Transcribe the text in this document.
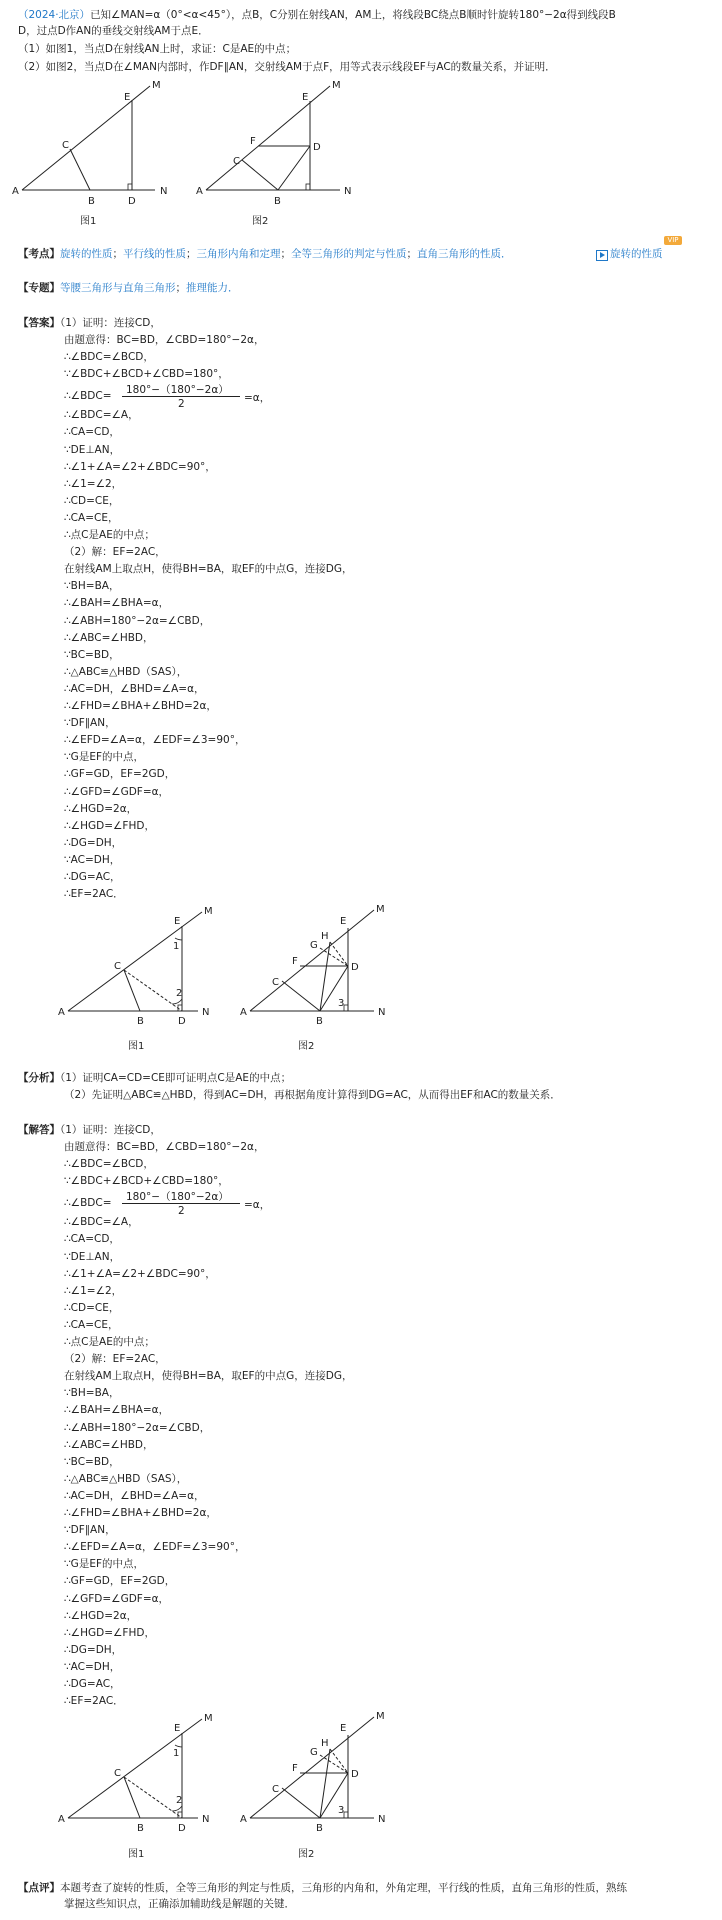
（2024·北京）已知∠MAN=α（0°<α<45°），点B，C分别在射线AN，AM上，将线段BC绕点B顺时针旋转180°−2α得到线段B
D，过点D作AN的垂线交射线AM于点E．
（1）如图1，当点D在射线AN上时，求证：C是AE的中点；
（2）如图2，当点D在∠MAN内部时，作DF∥AN，交射线AM于点F，用等式表示线段EF与AC的数量关系，并证明．
A
B
C
D
E
M
N	A
B
C
D
E
F
M
N
图1	图2
【考点】旋转的性质；平行线的性质；三角形内角和定理；全等三角形的判定与性质；直角三角形的性质．	旋转的性质
VIP
【专题】等腰三角形与直角三角形；推理能力．
【答案】（1）证明：连接CD，
由题意得：BC=BD，∠CBD=180°−2α，
∴∠BDC=∠BCD，
∵∠BDC+∠BCD+∠CBD=180°，
∴∠BDC= 180°−（180°−2α）
2	=α，
∴∠BDC=∠A，
∴CA=CD，
∵DE⊥AN，
∴∠1+∠A=∠2+∠BDC=90°，
∴∠1=∠2，
∴CD=CE，
∴CA=CE，
∴点C是AE的中点；
（2）解：EF=2AC，
在射线AM上取点H，使得BH=BA，取EF的中点G，连接DG，
∵BH=BA，
∴∠BAH=∠BHA=α，
∴∠ABH=180°−2α=∠CBD，
∴∠ABC=∠HBD，
∵BC=BD，
∴△ABC≌△HBD（SAS），
∴AC=DH，∠BHD=∠A=α，
∴∠FHD=∠BHA+∠BHD=2α，
∵DF∥AN，
∴∠EFD=∠A=α，∠EDF=∠3=90°，
∵G是EF的中点，
∴GF=GD，EF=2GD，
∴∠GFD=∠GDF=α，
∴∠HGD=2α，
∴∠HGD=∠FHD，
∴DG=DH，
∵AC=DH，
∴DG=AC，
∴EF=2AC．
A
B
C
D
E
M
N
1
2
A
B
C
D
E
F
G
H
M
N
3
图1	图2
【分析】（1）证明CA=CD=CE即可证明点C是AE的中点；
（2）先证明△ABC≌△HBD，得到AC=DH，再根据角度计算得到DG=AC，从而得出EF和AC的数量关系．
【解答】（1）证明：连接CD，
由题意得：BC=BD，∠CBD=180°−2α，
∴∠BDC=∠BCD，
∵∠BDC+∠BCD+∠CBD=180°，
∴∠BDC= 180°−（180°−2α）
2	=α，
∴∠BDC=∠A，
∴CA=CD，
∵DE⊥AN，
∴∠1+∠A=∠2+∠BDC=90°，
∴∠1=∠2，
∴CD=CE，
∴CA=CE，
∴点C是AE的中点；
（2）解：EF=2AC，
在射线AM上取点H，使得BH=BA，取EF的中点G，连接DG，
∵BH=BA，
∴∠BAH=∠BHA=α，
∴∠ABH=180°−2α=∠CBD，
∴∠ABC=∠HBD，
∵BC=BD，
∴△ABC≌△HBD（SAS），
∴AC=DH，∠BHD=∠A=α，
∴∠FHD=∠BHA+∠BHD=2α，
∵DF∥AN，
∴∠EFD=∠A=α，∠EDF=∠3=90°，
∵G是EF的中点，
∴GF=GD，EF=2GD，
∴∠GFD=∠GDF=α，
∴∠HGD=2α，
∴∠HGD=∠FHD，
∴DG=DH，
∵AC=DH，
∴DG=AC，
∴EF=2AC．
A
B
C
D
E
M
N
1
2
A
B
C
D
E
F
G
H
M
N
3
图1	图2
【点评】本题考查了旋转的性质，全等三角形的判定与性质，三角形的内角和，外角定理，平行线的性质，直角三角形的性质，熟练
掌握这些知识点，正确添加辅助线是解题的关键．
